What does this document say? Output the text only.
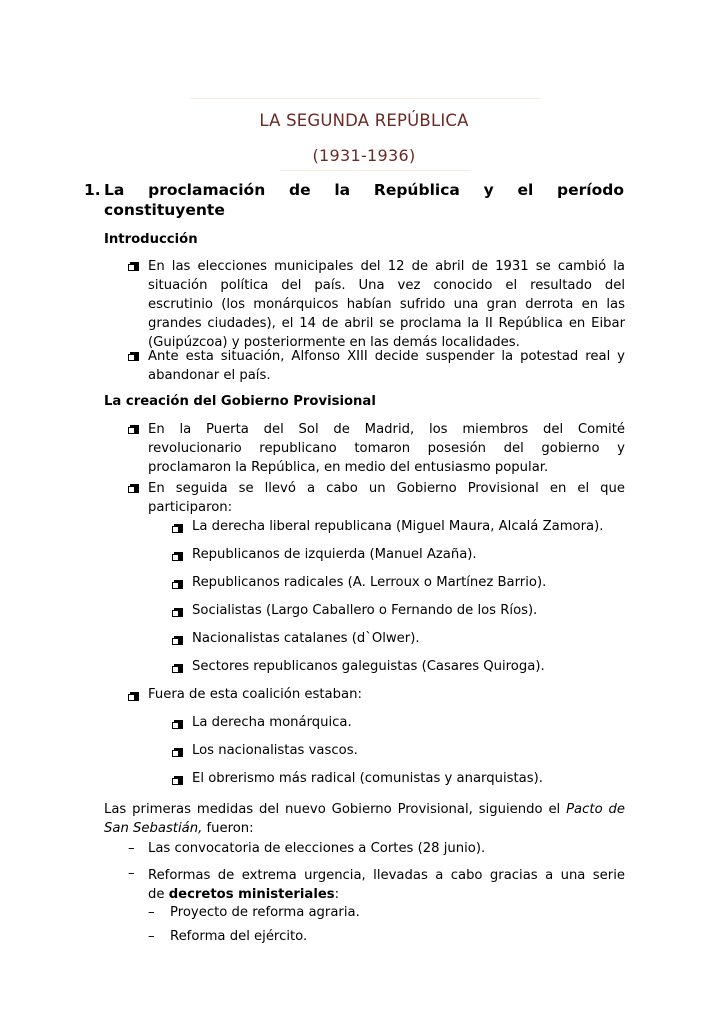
LA SEGUNDA REPÚBLICA
(1931-1936)
1. La proclamación de la República y el período
constituyente
Introducción
En las elecciones municipales del 12 de abril de 1931 se cambió la
situación política del país. Una vez conocido el resultado del
escrutinio (los monárquicos habían sufrido una gran derrota en las
grandes ciudades), el 14 de abril se proclama la II República en Eibar
(Guipúzcoa) y posteriormente en las demás localidades.
Ante esta situación, Alfonso XIII decide suspender la potestad real y
abandonar el país.
La creación del Gobierno Provisional
En la Puerta del Sol de Madrid, los miembros del Comité
revolucionario republicano tomaron posesión del gobierno y
proclamaron la República, en medio del entusiasmo popular.
En seguida se llevó a cabo un Gobierno Provisional en el que
participaron:
La derecha liberal republicana (Miguel Maura, Alcalá Zamora).
Republicanos de izquierda (Manuel Azaña).
Republicanos radicales (A. Lerroux o Martínez Barrio).
Socialistas (Largo Caballero o Fernando de los Ríos).
Nacionalistas catalanes (d`Olwer).
Sectores republicanos galeguistas (Casares Quiroga).
Fuera de esta coalición estaban:
La derecha monárquica.
Los nacionalistas vascos.
El obrerismo más radical (comunistas y anarquistas).
Las primeras medidas del nuevo Gobierno Provisional, siguiendo el Pacto de
San Sebastián, fueron:
– Las convocatoria de elecciones a Cortes (28 junio).
– Reformas de extrema urgencia, llevadas a cabo gracias a una serie
de decretos ministeriales:
– Proyecto de reforma agraria.
– Reforma del ejército.
